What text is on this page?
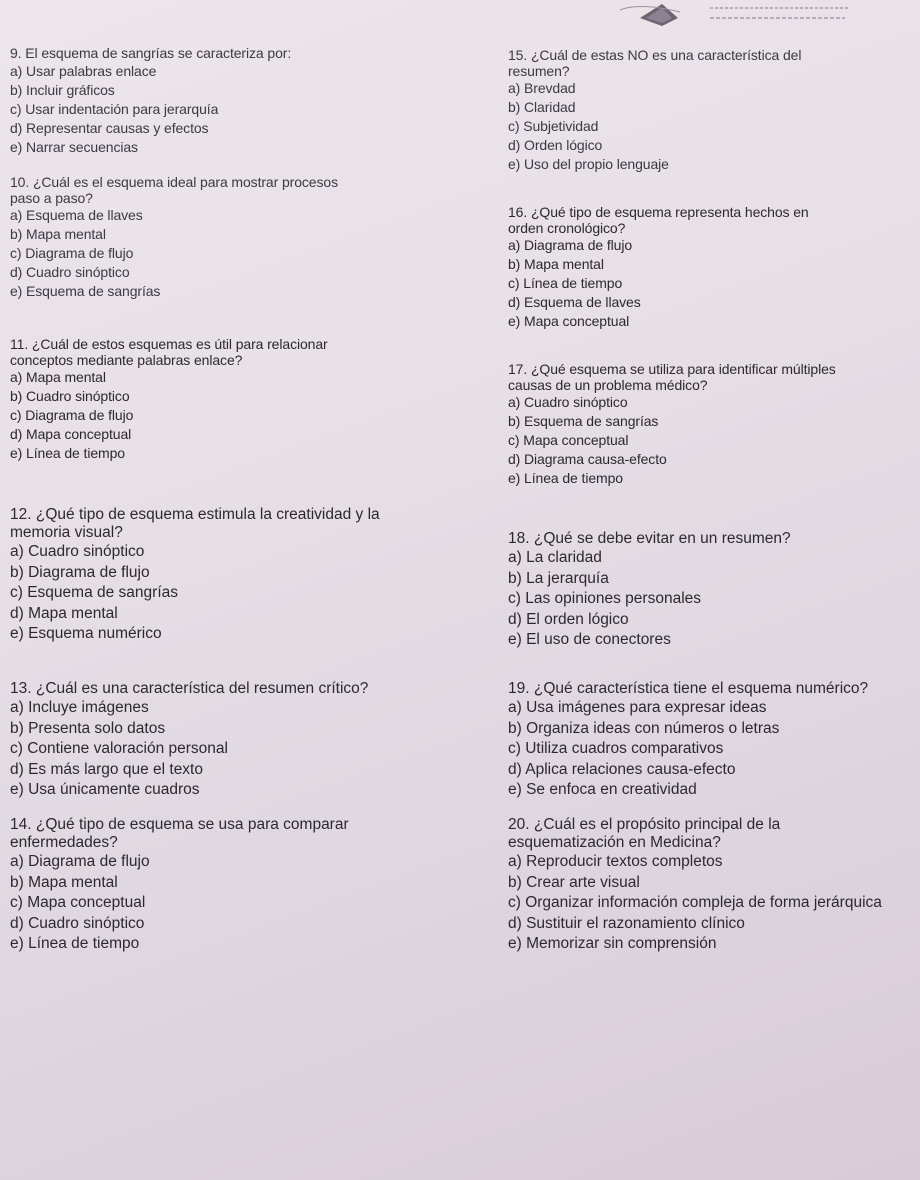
9. El esquema de sangrías se caracteriza por:

a) Usar palabras enlace

b) Incluir gráficos

c) Usar indentación para jerarquía

d) Representar causas y efectos

e) Narrar secuencias

10. ¿Cuál es el esquema ideal para mostrar procesos
paso a paso?

a) Esquema de llaves

b) Mapa mental

c) Diagrama de flujo

d) Cuadro sinóptico

e) Esquema de sangrías

11. ¿Cuál de estos esquemas es útil para relacionar
conceptos mediante palabras enlace?

a) Mapa mental

b) Cuadro sinóptico

c) Diagrama de flujo

d) Mapa conceptual

e) Línea de tiempo

12. ¿Qué tipo de esquema estimula la creatividad y la
memoria visual?

a) Cuadro sinóptico

b) Diagrama de flujo

c) Esquema de sangrías

d) Mapa mental

e) Esquema numérico

13. ¿Cuál es una característica del resumen crítico?

a) Incluye imágenes

b) Presenta solo datos

c) Contiene valoración personal

d) Es más largo que el texto

e) Usa únicamente cuadros

14. ¿Qué tipo de esquema se usa para comparar
enfermedades?

a) Diagrama de flujo

b) Mapa mental

c) Mapa conceptual

d) Cuadro sinóptico

e) Línea de tiempo

15. ¿Cuál de estas NO es una característica del
resumen?

a) Brevdad

b) Claridad

c) Subjetividad

d) Orden lógico

e) Uso del propio lenguaje

16. ¿Qué tipo de esquema representa hechos en
orden cronológico?

a) Diagrama de flujo

b) Mapa mental

c) Línea de tiempo

d) Esquema de llaves

e) Mapa conceptual

17. ¿Qué esquema se utiliza para identificar múltiples
causas de un problema médico?

a) Cuadro sinóptico

b) Esquema de sangrías

c) Mapa conceptual

d) Diagrama causa-efecto

e) Línea de tiempo

18. ¿Qué se debe evitar en un resumen?

a) La claridad

b) La jerarquía

c) Las opiniones personales

d) El orden lógico

e) El uso de conectores

19. ¿Qué característica tiene el esquema numérico?

a) Usa imágenes para expresar ideas

b) Organiza ideas con números o letras

c) Utiliza cuadros comparativos

d) Aplica relaciones causa-efecto

e) Se enfoca en creatividad

20. ¿Cuál es el propósito principal de la
esquematización en Medicina?

a) Reproducir textos completos

b) Crear arte visual

c) Organizar información compleja de forma jerárquica

d) Sustituir el razonamiento clínico

e) Memorizar sin comprensión
